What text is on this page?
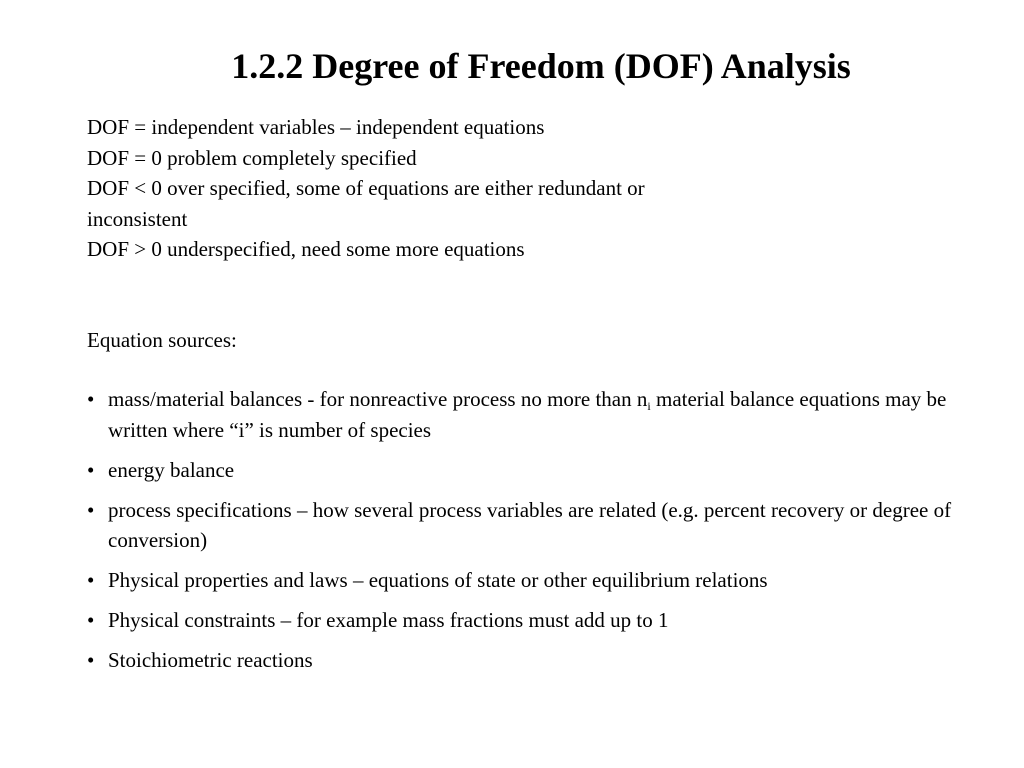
1.2.2 Degree of Freedom (DOF) Analysis
DOF = independent variables – independent equations
DOF = 0 problem completely specified
DOF < 0 over specified, some of equations are either redundant or
inconsistent
DOF > 0 underspecified, need some more equations
Equation sources:
• mass/material balances - for nonreactive process no more than $n_i$ material balance equations may be written where “i” is number of species
• energy balance
• process specifications – how several process variables are related (e.g. percent recovery or degree of conversion)
• Physical properties and laws – equations of state or other equilibrium relations
• Physical constraints – for example mass fractions must add up to 1
• Stoichiometric reactions
